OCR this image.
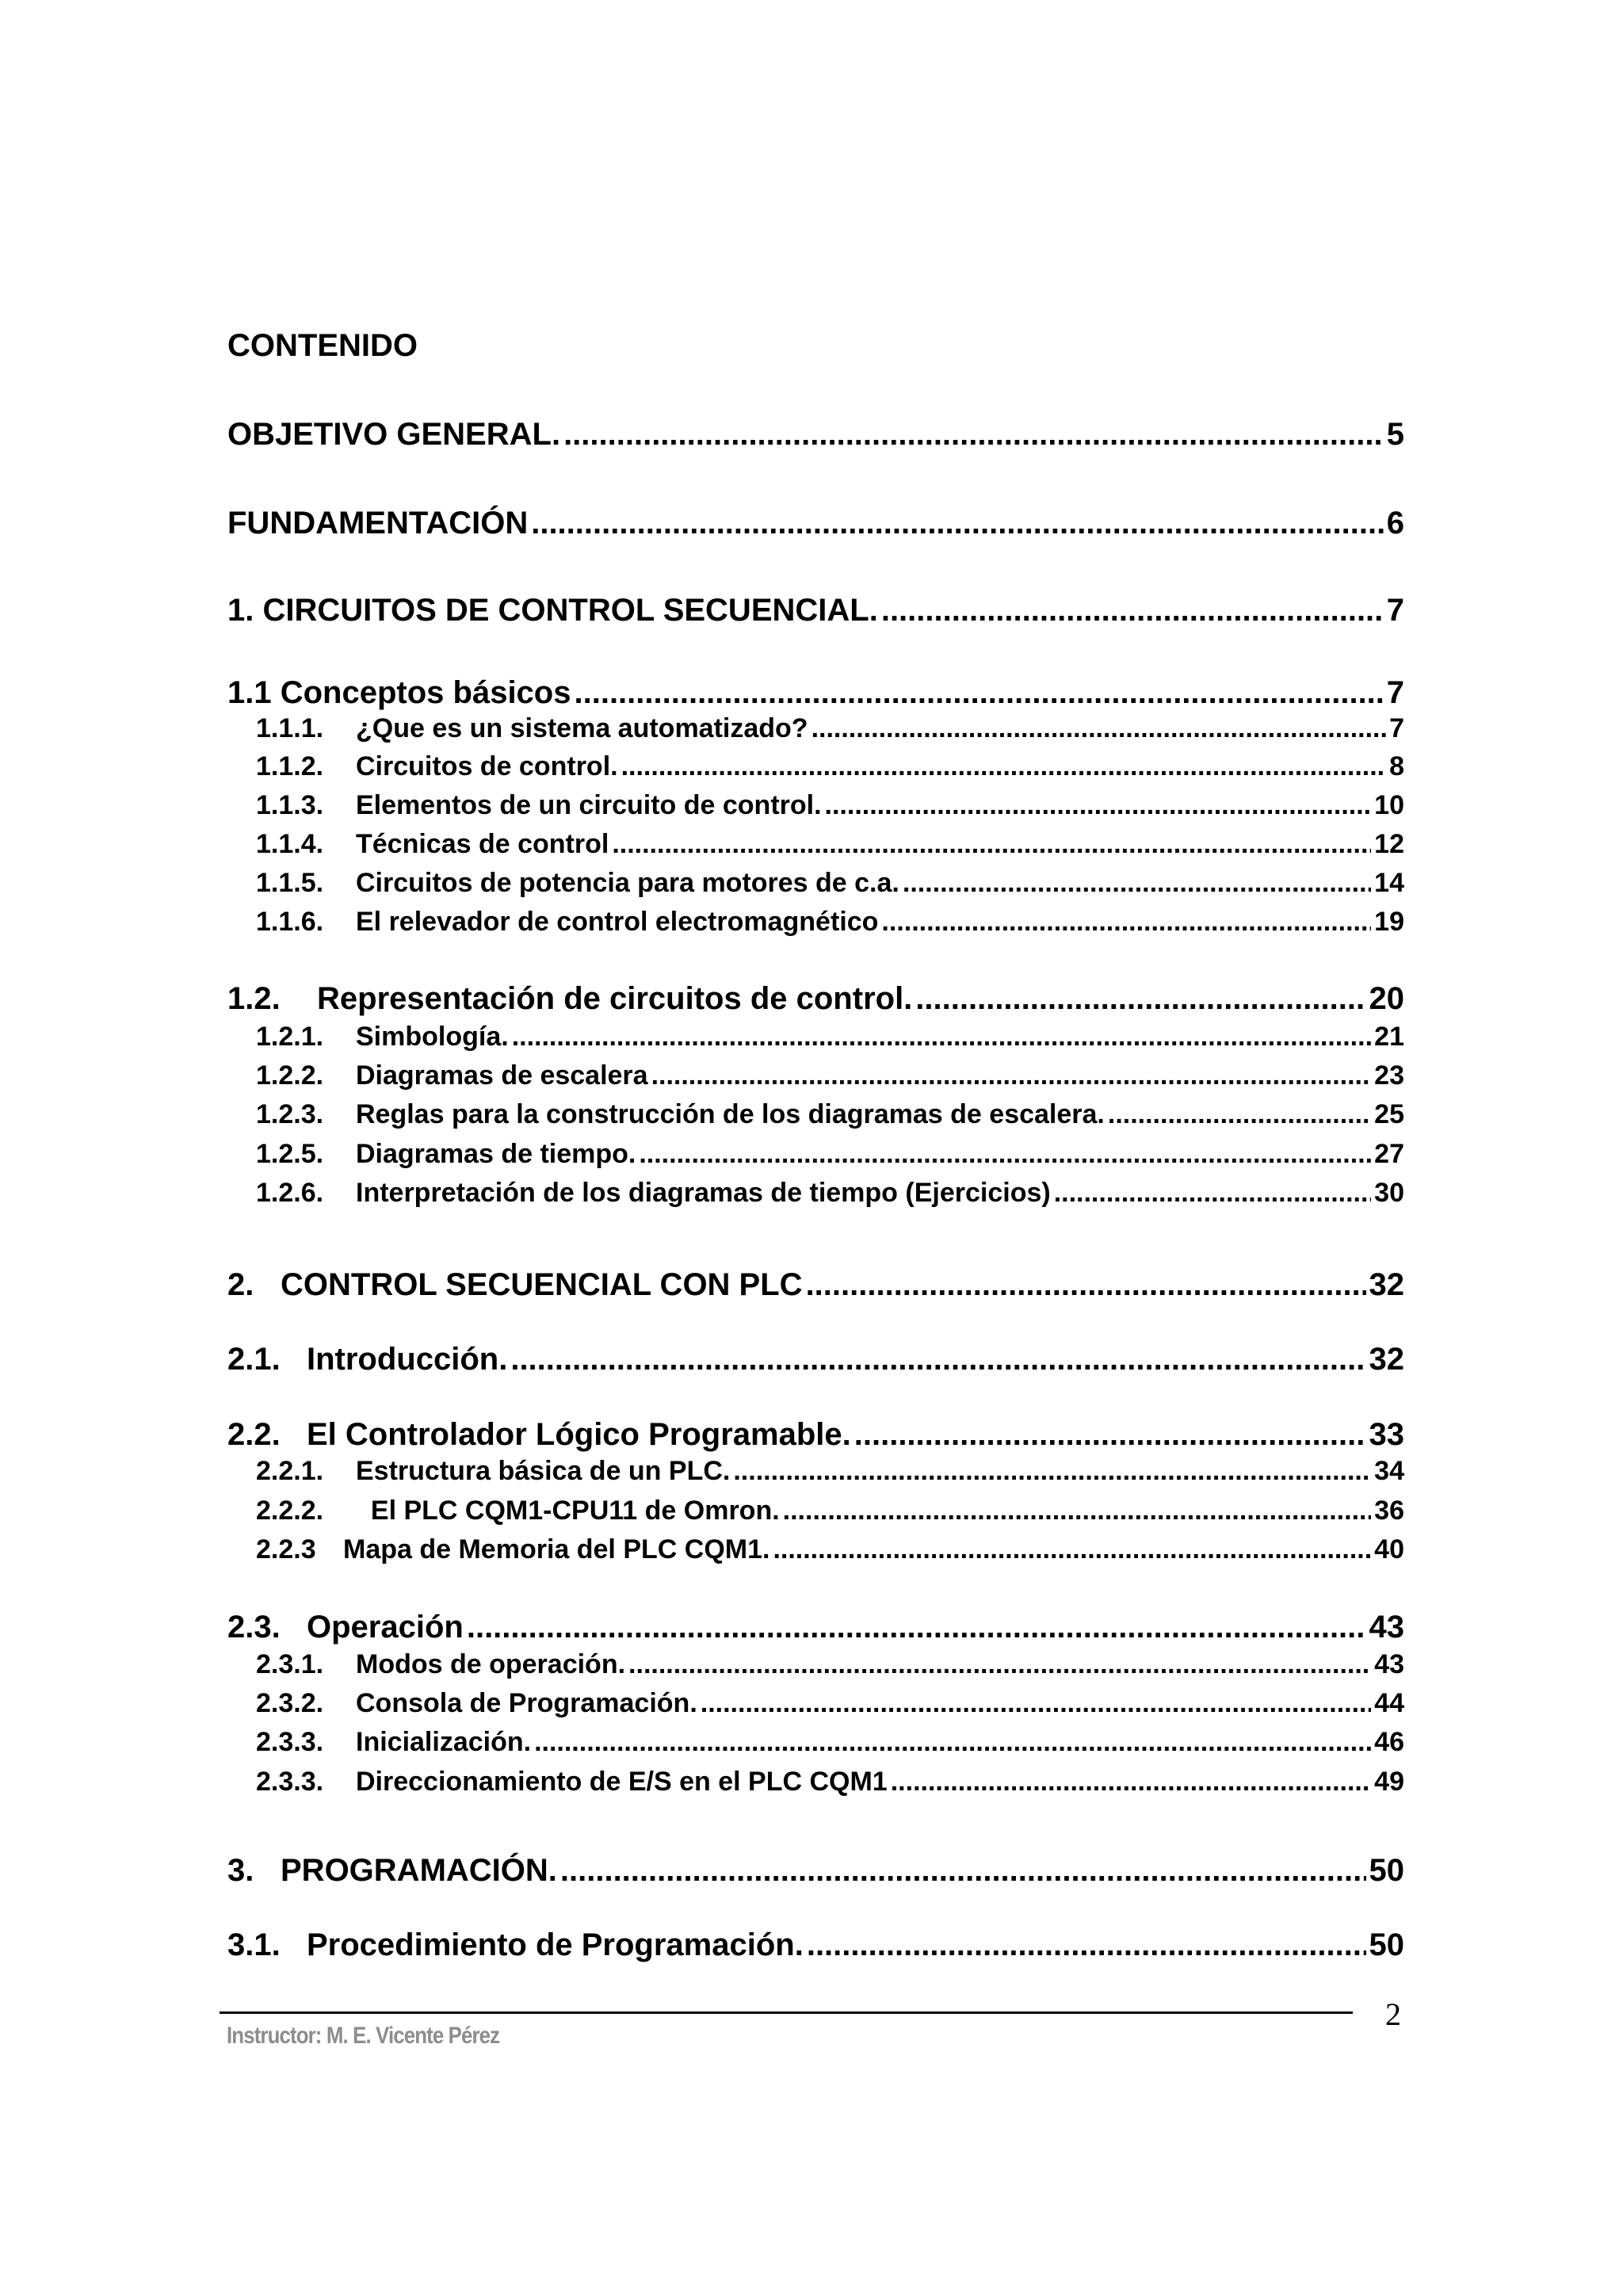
CONTENIDO
OBJETIVO GENERAL. .....	5
FUNDAMENTACIÓN .....	6
1. CIRCUITOS DE CONTROL SECUENCIAL. .....	7
1.1 Conceptos básicos .....	7
1.1.1.	¿Que es un sistema automatizado? .....	7
1.1.2.	Circuitos de control. .....	8
1.1.3.	Elementos de un circuito de control. .....	10
1.1.4.	Técnicas de control .....	12
1.1.5.	Circuitos de potencia para motores de c.a. .....	14
1.1.6.	El relevador de control electromagnético .....	19
1.2.	Representación de circuitos de control. .....	20
1.2.1.	Simbología. .....	21
1.2.2.	Diagramas de escalera .....	23
1.2.3.	Reglas para la construcción de los diagramas de escalera. .....	25
1.2.5.	Diagramas de tiempo. .....	27
1.2.6.	Interpretación de los diagramas de tiempo (Ejercicios) .....	30
2. CONTROL SECUENCIAL CON PLC .....	32
2.1. Introducción. .....	32
2.2. El Controlador Lógico Programable. .....	33
2.2.1.	Estructura básica de un PLC. .....	34
2.2.2.	El PLC CQM1-CPU11 de Omron. .....	36
2.2.3	Mapa de Memoria del PLC CQM1. .....	40
2.3. Operación .....	43
2.3.1.	Modos de operación. .....	43
2.3.2.	Consola de Programación. .....	44
2.3.3.	Inicialización. .....	46
2.3.3.	Direccionamiento de E/S en el PLC CQM1 .....	49
3. PROGRAMACIÓN. .....	50
3.1. Procedimiento de Programación. .....	50
Instructor: M. E. Vicente Pérez
2
